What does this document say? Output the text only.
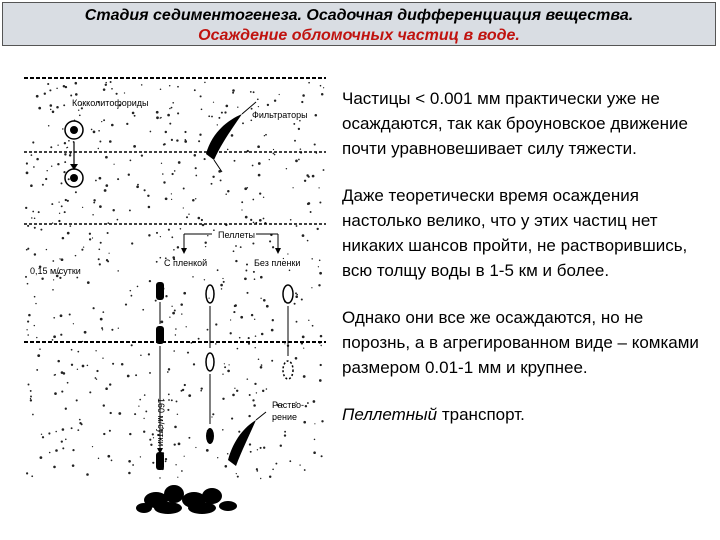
Стадия седиментогенеза. Осадочная дифференциация вещества.
Осаждение обломочных частиц в воде.
Кокколитофориды
Фильтраторы
Пеллеты
С пленкой	Без пленки
0,15 м/сутки
160 м/сутки	Раство-
рение

Частицы < 0.001 мм практически уже не осаждаются, так как броуновское движение почти уравновешивает силу тяжести.

Даже теоретически время осаждения настолько велико, что у этих частиц нет никаких шансов пройти, не растворившись, всю толщу воды в 1-5 км и более.

Однако они все же осаждаются, но не порознь, а в агрегированном виде – комками размером 0.01-1 мм и крупнее.

Пеллетный транспорт.
